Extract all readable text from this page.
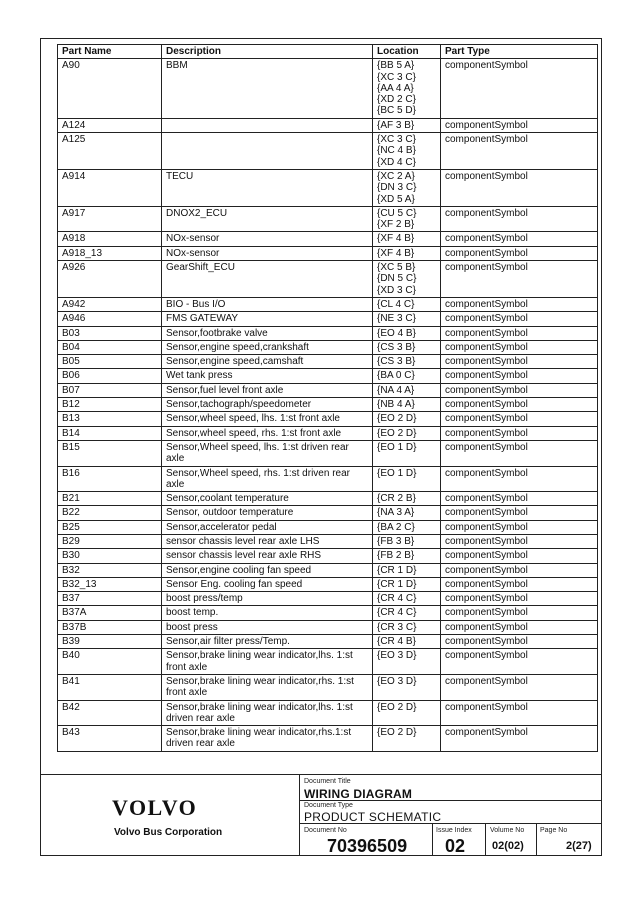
Part Name	Description	Location	Part Type
A90	BBM	{BB 5 A}
{XC 3 C}
{AA 4 A}
{XD 2 C}
{BC 5 D}	componentSymbol
A124		{AF 3 B}	componentSymbol
A125		{XC 3 C}
{NC 4 B}
{XD 4 C}	componentSymbol
A914	TECU	{XC 2 A}
{DN 3 C}
{XD 5 A}	componentSymbol
A917	DNOX2_ECU	{CU 5 C}
{XF 2 B}	componentSymbol
A918	NOx-sensor	{XF 4 B}	componentSymbol
A918_13	NOx-sensor	{XF 4 B}	componentSymbol
A926	GearShift_ECU	{XC 5 B}
{DN 5 C}
{XD 3 C}	componentSymbol
A942	BIO - Bus I/O	{CL 4 C}	componentSymbol
A946	FMS GATEWAY	{NE 3 C}	componentSymbol
B03	Sensor,footbrake valve	{EO 4 B}	componentSymbol
B04	Sensor,engine speed,crankshaft	{CS 3 B}	componentSymbol
B05	Sensor,engine speed,camshaft	{CS 3 B}	componentSymbol
B06	Wet tank press	{BA 0 C}	componentSymbol
B07	Sensor,fuel level front axle	{NA 4 A}	componentSymbol
B12	Sensor,tachograph/speedometer	{NB 4 A}	componentSymbol
B13	Sensor,wheel speed, lhs. 1:st front axle	{EO 2 D}	componentSymbol
B14	Sensor,wheel speed, rhs. 1:st front axle	{EO 2 D}	componentSymbol
B15	Sensor,Wheel speed, lhs. 1:st driven rear axle	{EO 1 D}	componentSymbol
B16	Sensor,Wheel speed, rhs. 1:st driven rear axle	{EO 1 D}	componentSymbol
B21	Sensor,coolant temperature	{CR 2 B}	componentSymbol
B22	Sensor, outdoor temperature	{NA 3 A}	componentSymbol
B25	Sensor,accelerator pedal	{BA 2 C}	componentSymbol
B29	sensor chassis level rear axle LHS	{FB 3 B}	componentSymbol
B30	sensor chassis level rear axle RHS	{FB 2 B}	componentSymbol
B32	Sensor,engine cooling fan speed	{CR 1 D}	componentSymbol
B32_13	Sensor Eng. cooling fan speed	{CR 1 D}	componentSymbol
B37	boost press/temp	{CR 4 C}	componentSymbol
B37A	boost temp.	{CR 4 C}	componentSymbol
B37B	boost press	{CR 3 C}	componentSymbol
B39	Sensor,air filter press/Temp.	{CR 4 B}	componentSymbol
B40	Sensor,brake lining wear indicator,lhs. 1:st front axle	{EO 3 D}	componentSymbol
B41	Sensor,brake lining wear indicator,rhs. 1:st front axle	{EO 3 D}	componentSymbol
B42	Sensor,brake lining wear indicator,lhs. 1:st driven rear axle	{EO 2 D}	componentSymbol
B43	Sensor,brake lining wear indicator,rhs.1:st driven rear axle	{EO 2 D}	componentSymbol
VOLVO
Volvo Bus Corporation
Document Title
WIRING DIAGRAM
Document Type
PRODUCT SCHEMATIC
Document No
70396509
Issue Index
02
Volume No
02(02)
Page No
2(27)
